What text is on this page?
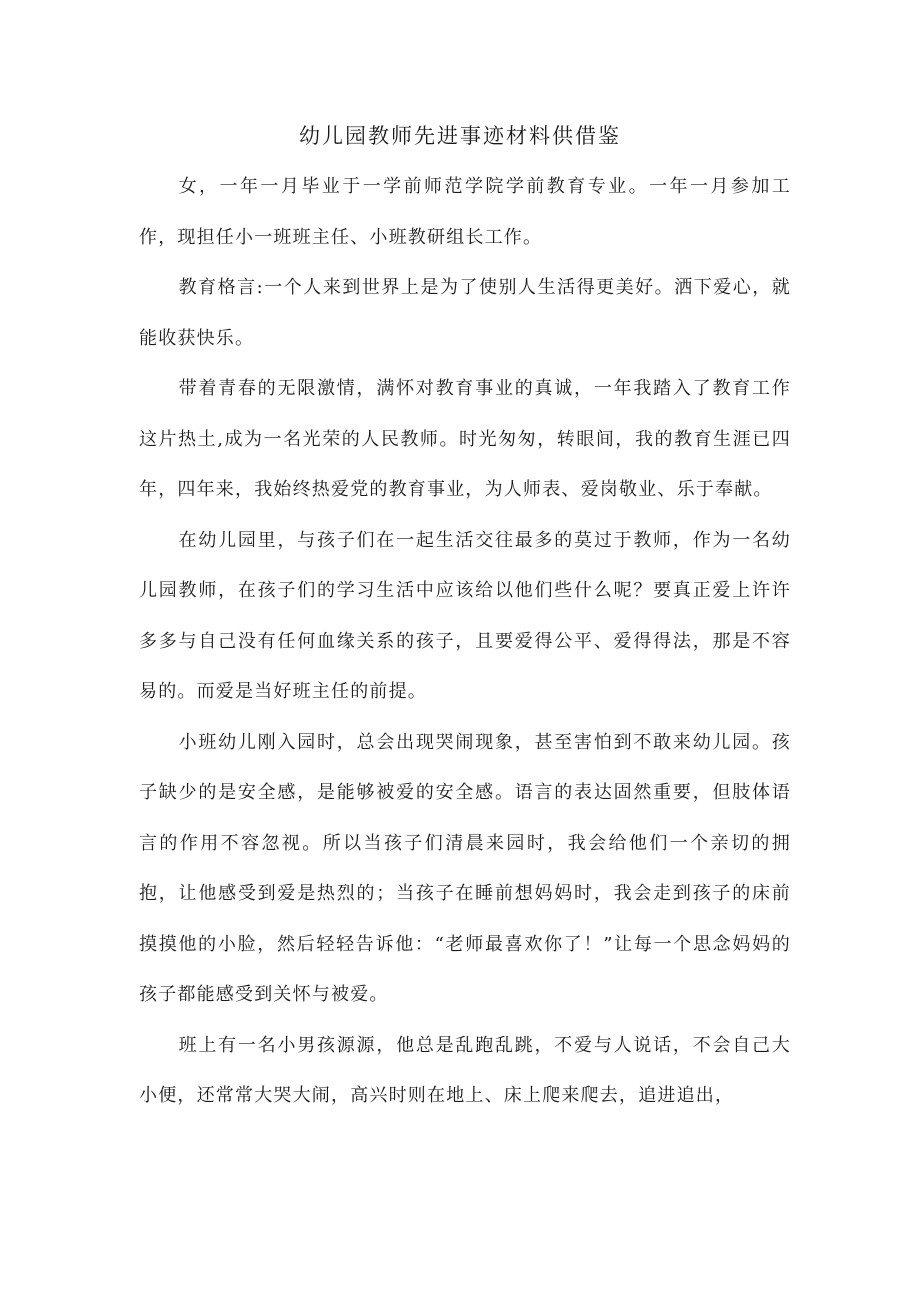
幼儿园教师先进事迹材料供借鉴

女，一年一月毕业于一学前师范学院学前教育专业。一年一月参加工作，现担任小一班班主任、小班教研组长工作。

教育格言:一个人来到世界上是为了使别人生活得更美好。洒下爱心，就能收获快乐。

带着青春的无限激情，满怀对教育事业的真诚，一年我踏入了教育工作这片热土,成为一名光荣的人民教师。时光匆匆，转眼间，我的教育生涯已四年，四年来，我始终热爱党的教育事业，为人师表、爱岗敬业、乐于奉献。

在幼儿园里，与孩子们在一起生活交往最多的莫过于教师，作为一名幼儿园教师，在孩子们的学习生活中应该给以他们些什么呢？要真正爱上许许多多与自己没有任何血缘关系的孩子，且要爱得公平、爱得得法，那是不容易的。而爱是当好班主任的前提。

小班幼儿刚入园时，总会出现哭闹现象，甚至害怕到不敢来幼儿园。孩子缺少的是安全感，是能够被爱的安全感。语言的表达固然重要，但肢体语言的作用不容忽视。所以当孩子们清晨来园时，我会给他们一个亲切的拥抱，让他感受到爱是热烈的；当孩子在睡前想妈妈时，我会走到孩子的床前摸摸他的小脸，然后轻轻告诉他：“老师最喜欢你了！”让每一个思念妈妈的孩子都能感受到关怀与被爱。

班上有一名小男孩源源，他总是乱跑乱跳，不爱与人说话，不会自己大小便，还常常大哭大闹，高兴时则在地上、床上爬来爬去，追进追出，
